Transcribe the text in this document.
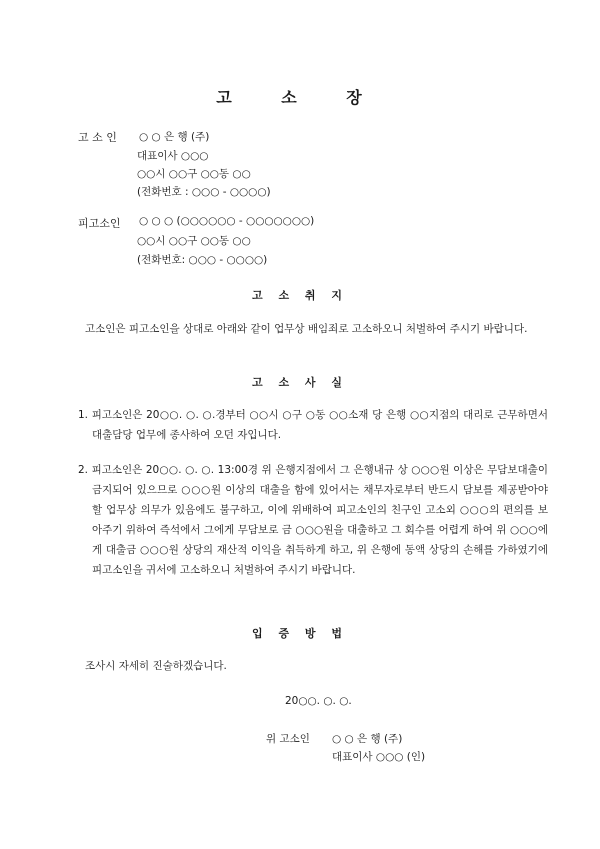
고 소 장
고 소 인 ○ ○ 은 행 (주)
대표이사 ○○○
○○시 ○○구 ○○동 ○○
(전화번호 : ○○○ - ○○○○)
피고소인 ○ ○ ○ (○○○○○○ - ○○○○○○○)
○○시 ○○구 ○○동 ○○
(전화번호: ○○○ - ○○○○)
고 소 취 지
고소인은 피고소인을 상대로 아래와 같이 업무상 배임죄로 고소하오니 처벌하여 주시기 바랍니다.
고 소 사 실
1. 피고소인은 20○○. ○. ○.경부터 ○○시 ○구 ○동 ○○소재 당 은행 ○○지점의 대리로 근무하면서 대출담당 업무에 종사하여 오던 자입니다.
2. 피고소인은 20○○. ○. ○. 13:00경 위 은행지점에서 그 은행내규 상 ○○○원 이상은 무담보대출이 금지되어 있으므로 ○○○원 이상의 대출을 함에 있어서는 채무자로부터 반드시 담보를 제공받아야 할 업무상 의무가 있음에도 불구하고, 이에 위배하여 피고소인의 친구인 고소외 ○○○의 편의를 보아주기 위하여 즉석에서 그에게 무담보로 금 ○○○원을 대출하고 그 회수를 어렵게 하여 위 ○○○에게 대출금 ○○○원 상당의 재산적 이익을 취득하게 하고, 위 은행에 동액 상당의 손해를 가하였기에 피고소인을 귀서에 고소하오니 처벌하여 주시기 바랍니다.
입 증 방 법
조사시 자세히 진술하겠습니다.
20○○. ○. ○.
위 고소인 ○ ○ 은 행 (주)
대표이사 ○○○ (인)
